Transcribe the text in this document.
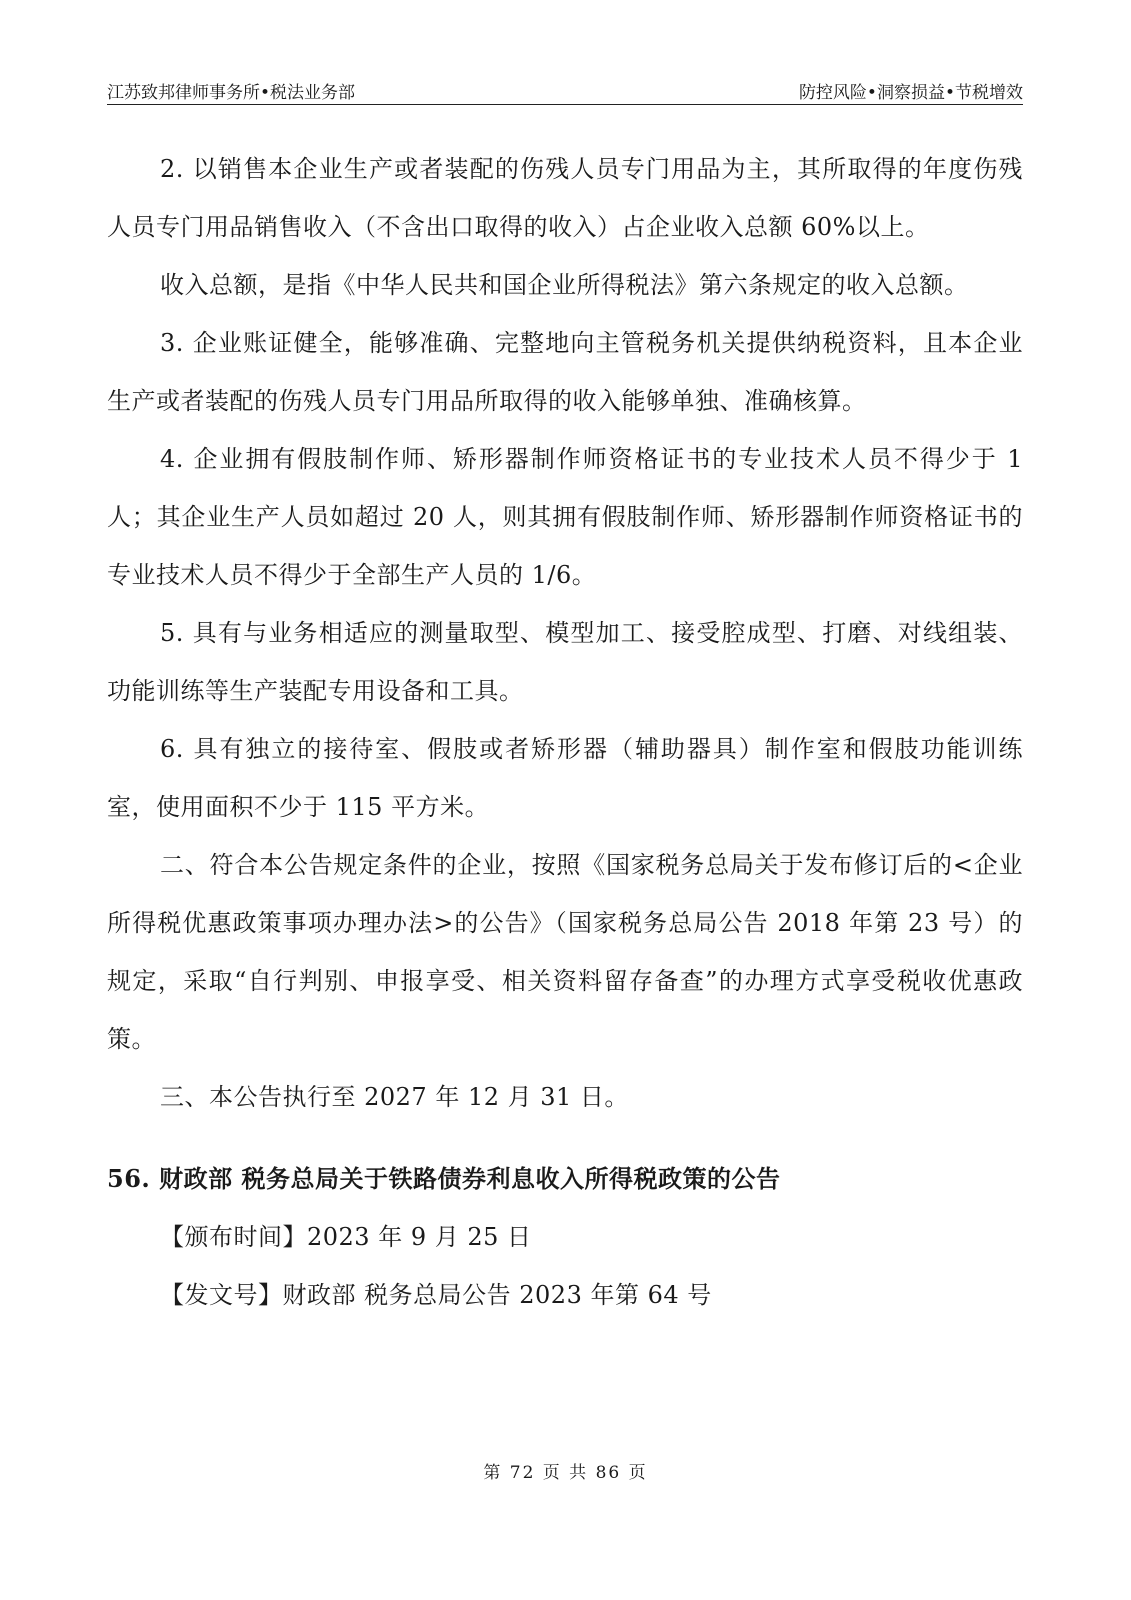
江苏致邦律师事务所•税法业务部	防控风险•洞察损益•节税增效

2. 以销售本企业生产或者装配的伤残人员专门用品为主，其所取得的年度伤残人员专门用品销售收入（不含出口取得的收入）占企业收入总额 60%以上。

收入总额，是指《中华人民共和国企业所得税法》第六条规定的收入总额。

3. 企业账证健全，能够准确、完整地向主管税务机关提供纳税资料，且本企业生产或者装配的伤残人员专门用品所取得的收入能够单独、准确核算。

4. 企业拥有假肢制作师、矫形器制作师资格证书的专业技术人员不得少于 1 人；其企业生产人员如超过 20 人，则其拥有假肢制作师、矫形器制作师资格证书的专业技术人员不得少于全部生产人员的 1/6。

5. 具有与业务相适应的测量取型、模型加工、接受腔成型、打磨、对线组装、功能训练等生产装配专用设备和工具。

6. 具有独立的接待室、假肢或者矫形器（辅助器具）制作室和假肢功能训练室，使用面积不少于 115 平方米。

二、符合本公告规定条件的企业，按照《国家税务总局关于发布修订后的<企业所得税优惠政策事项办理办法>的公告》（国家税务总局公告 2018 年第 23 号）的规定，采取“自行判别、申报享受、相关资料留存备查”的办理方式享受税收优惠政策。

三、本公告执行至 2027 年 12 月 31 日。

56. 财政部 税务总局关于铁路债券利息收入所得税政策的公告

【颁布时间】2023 年 9 月 25 日

【发文号】财政部 税务总局公告 2023 年第 64 号

第 72 页 共 86 页
